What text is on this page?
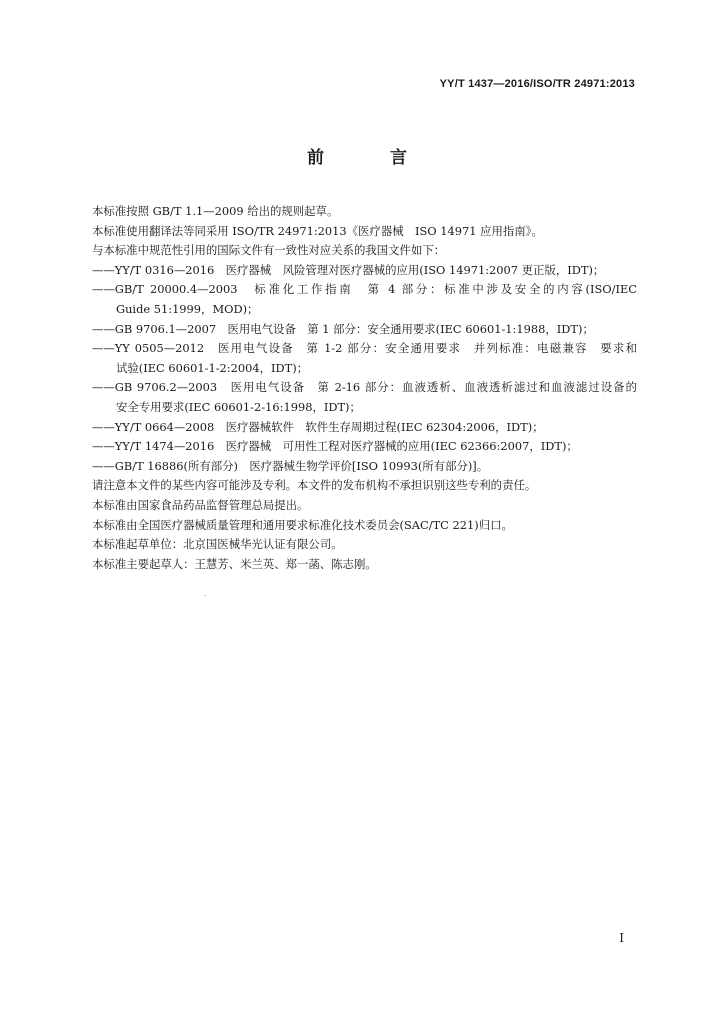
YY/T 1437—2016/ISO/TR 24971:2013
前 言
本标准按照 GB/T 1.1—2009 给出的规则起草。
本标准使用翻译法等同采用 ISO/TR 24971:2013《医疗器械　ISO 14971 应用指南》。
与本标准中规范性引用的国际文件有一致性对应关系的我国文件如下：
——YY/T 0316—2016　医疗器械　风险管理对医疗器械的应用(ISO 14971:2007 更正版，IDT)；
——GB/T 20000.4—2003　标准化工作指南　第 4 部分：标准中涉及安全的内容(ISO/IEC
Guide 51:1999，MOD)；
——GB 9706.1—2007　医用电气设备　第 1 部分：安全通用要求(IEC 60601-1:1988，IDT)；
——YY 0505—2012　医用电气设备　第 1-2 部分：安全通用要求　并列标准：电磁兼容　要求和
试验(IEC 60601-1-2:2004，IDT)；
——GB 9706.2—2003　医用电气设备　第 2-16 部分：血液透析、血液透析滤过和血液滤过设备的
安全专用要求(IEC 60601-2-16:1998，IDT)；
——YY/T 0664—2008　医疗器械软件　软件生存周期过程(IEC 62304:2006，IDT)；
——YY/T 1474—2016　医疗器械　可用性工程对医疗器械的应用(IEC 62366:2007，IDT)；
——GB/T 16886(所有部分)　医疗器械生物学评价[ISO 10993(所有部分)]。
请注意本文件的某些内容可能涉及专利。本文件的发布机构不承担识别这些专利的责任。
本标准由国家食品药品监督管理总局提出。
本标准由全国医疗器械质量管理和通用要求标准化技术委员会(SAC/TC 221)归口。
本标准起草单位：北京国医械华光认证有限公司。
本标准主要起草人：王慧芳、米兰英、郑一菡、陈志刚。
I
